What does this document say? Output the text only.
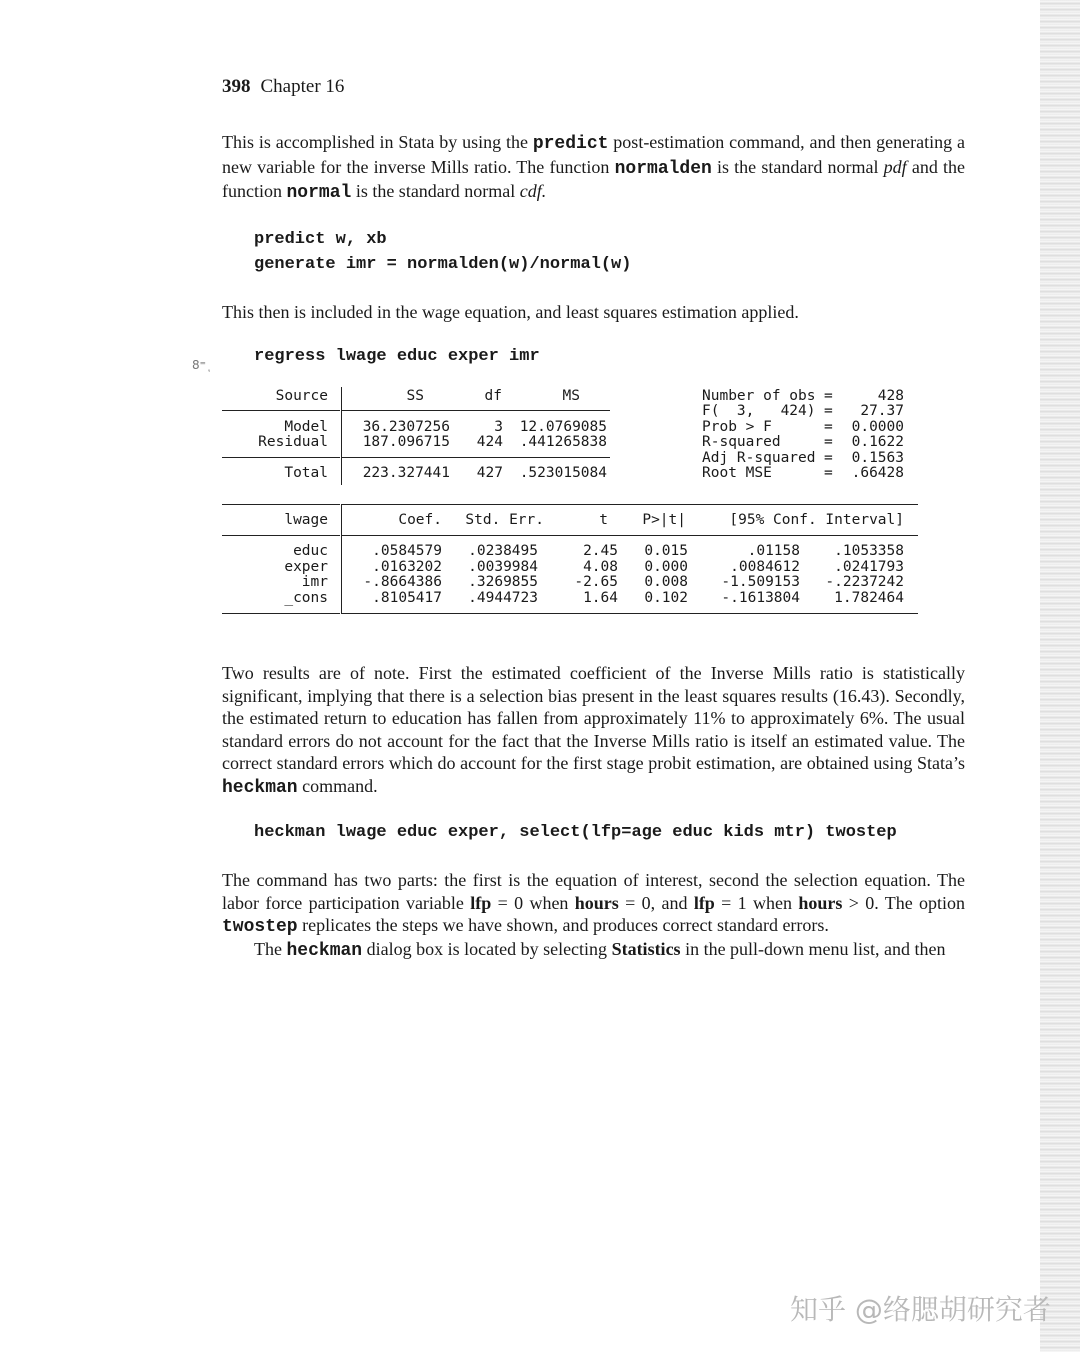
398 Chapter 16

This is accomplished in Stata by using the predict post-estimation command, and then generating a new variable for the inverse Mills ratio. The function normalden is the standard normal pdf and the function normal is the standard normal cdf.

predict w, xb
generate imr = normalden(w)/normal(w)

This then is included in the wage equation, and least squares estimation applied.

regress lwage educ exper imr
8⁼ͺ
Source	SS	df	MS
Model	36.2307256	3	12.0769085
Residual	187.096715	424	.441265838
Total	223.327441	427	.523015084
Number of obs =	428
F(  3,   424) =	27.37
Prob > F	=	0.0000
R-squared	=	0.1622
Adj R-squared =	0.1563
Root MSE	=	.66428
lwage	Coef.	Std. Err.	t	P>|t|	[95% Conf. Interval]
educ	.0584579	.0238495	2.45	0.015	.01158	.1053358
exper	.0163202	.0039984	4.08	0.000	.0084612	.0241793
imr	-.8664386	.3269855	-2.65	0.008	-1.509153	-.2237242
_cons	.8105417	.4944723	1.64	0.102	-.1613804	1.782464

Two results are of note. First the estimated coefficient of the Inverse Mills ratio is statistically significant, implying that there is a selection bias present in the least squares results (16.43). Secondly, the estimated return to education has fallen from approximately 11% to approximately 6%. The usual standard errors do not account for the fact that the Inverse Mills ratio is itself an estimated value. The correct standard errors which do account for the first stage probit estimation, are obtained using Stata’s heckman command.

heckman lwage educ exper, select(lfp=age educ kids mtr) twostep

The command has two parts: the first is the equation of interest, second the selection equation. The labor force participation variable lfp = 0 when hours = 0, and lfp = 1 when hours > 0. The option twostep replicates the steps we have shown, and produces correct standard errors.

The heckman dialog box is located by selecting Statistics in the pull-down menu list, and then

知乎 @络腮胡研究者
